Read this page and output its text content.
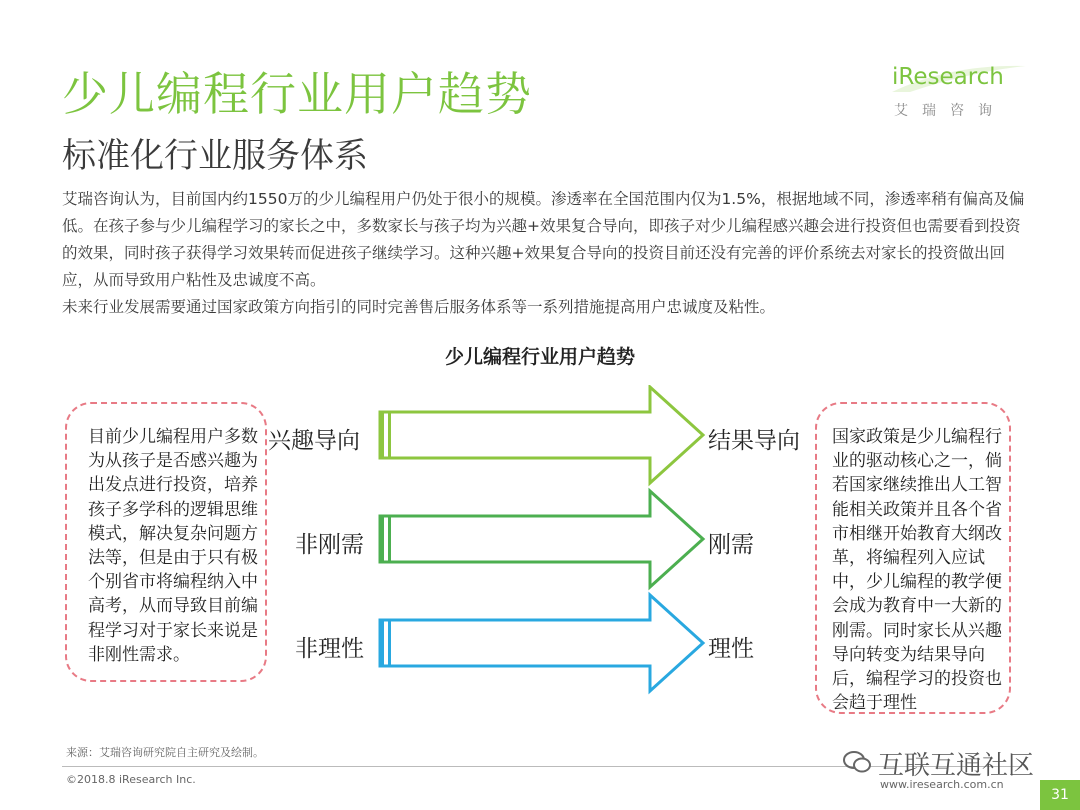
少儿编程行业用户趋势
标准化行业服务体系
iResearch
艾瑞咨询

艾瑞咨询认为，目前国内约1550万的少儿编程用户仍处于很小的规模。渗透率在全国范围内仅为1.5%，根据地域不同，渗透率稍有偏高及偏低。在孩子参与少儿编程学习的家长之中，多数家长与孩子均为兴趣+效果复合导向，即孩子对少儿编程感兴趣会进行投资但也需要看到投资的效果，同时孩子获得学习效果转而促进孩子继续学习。这种兴趣+效果复合导向的投资目前还没有完善的评价系统去对家长的投资做出回应，从而导致用户粘性及忠诚度不高。

未来行业发展需要通过国家政策方向指引的同时完善售后服务体系等一系列措施提高用户忠诚度及粘性。

少儿编程行业用户趋势
目前少儿编程用户多数为从孩子是否感兴趣为出发点进行投资，培养孩子多学科的逻辑思维模式，解决复杂问题方法等，但是由于只有极个别省市将编程纳入中高考，从而导致目前编程学习对于家长来说是非刚性需求。
国家政策是少儿编程行业的驱动核心之一，倘若国家继续推出人工智能相关政策并且各个省市相继开始教育大纲改革，将编程列入应试中，少儿编程的教学便会成为教育中一大新的刚需。同时家长从兴趣导向转变为结果导向后，编程学习的投资也会趋于理性
兴趣导向	结果导向
非刚需	刚需
非理性	理性
来源：艾瑞咨询研究院自主研究及绘制。
©2018.8 iResearch Inc.	www.iresearch.com.cn
互联互通社区
31
